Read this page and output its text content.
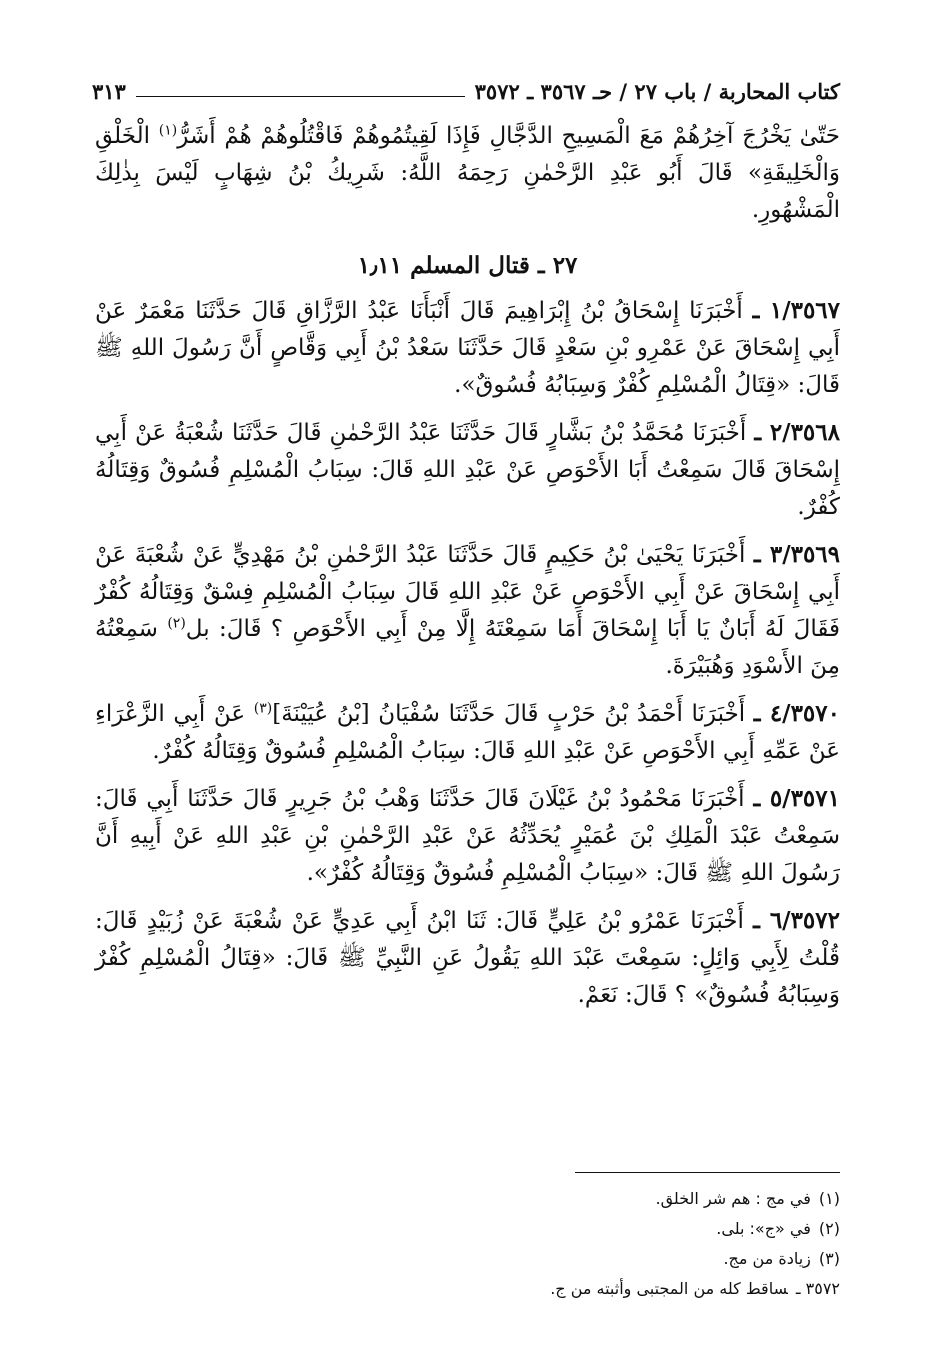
كتاب المحاربة / باب ٢٧ / حـ ٣٥٦٧ ـ ٣٥٧٢
٣١٣

حَتّىٰ يَخْرُجَ آخِرُهُمْ مَعَ الْمَسِيحِ الدَّجَّالِ فَإِذَا لَقِيتُمُوهُمْ فَاقْتُلُوهُمْ هُمْ أَشَرُّ$^{(١)}$ الْخَلْقِ وَالْخَلِيقَةِ» قَالَ أَبُو عَبْدِ الرَّحْمٰنِ رَحِمَهُ اللَّهُ: شَرِيكُ بْنُ شِهَابٍ لَيْسَ بِذٰلِكَ الْمَشْهُورِ.

٢٧ ـ قتال المسلم ١٫١١

١/٣٥٦٧ ـ أَخْبَرَنَا إِسْحَاقُ بْنُ إِبْرَاهِيمَ قَالَ أَنْبَأَنَا عَبْدُ الرَّزَّاقِ قَالَ حَدَّثَنَا مَعْمَرٌ عَنْ أَبِي إِسْحَاقَ عَنْ عَمْرِو بْنِ سَعْدٍ قَالَ حَدَّثَنَا سَعْدُ بْنُ أَبِي وَقَّاصٍ أَنَّ رَسُولَ اللهِ ﷺ قَالَ: «قِتَالُ الْمُسْلِمِ كُفْرٌ وَسِبَابُهُ فُسُوقٌ».

٢/٣٥٦٨ ـ أَخْبَرَنَا مُحَمَّدُ بْنُ بَشَّارٍ قَالَ حَدَّثَنَا عَبْدُ الرَّحْمٰنِ قَالَ حَدَّثَنَا شُعْبَةُ عَنْ أَبِي إِسْحَاقَ قَالَ سَمِعْتُ أَبَا الأَحْوَصِ عَنْ عَبْدِ اللهِ قَالَ: سِبَابُ الْمُسْلِمِ فُسُوقٌ وَقِتَالُهُ كُفْرٌ.

٣/٣٥٦٩ ـ أَخْبَرَنَا يَحْيَىٰ بْنُ حَكِيمٍ قَالَ حَدَّثَنَا عَبْدُ الرَّحْمٰنِ بْنُ مَهْدِيٍّ عَنْ شُعْبَةَ عَنْ أَبِي إِسْحَاقَ عَنْ أَبِي الأَحْوَصِ عَنْ عَبْدِ اللهِ قَالَ سِبَابُ الْمُسْلِمِ فِسْقٌ وَقِتَالُهُ كُفْرٌ فَقَالَ لَهُ أَبَانٌ يَا أَبَا إِسْحَاقَ أَمَا سَمِعْتَهُ إِلَّا مِنْ أَبِي الأَحْوَصِ ؟ قَالَ: بل$^{(٢)}$ سَمِعْتُهُ مِنَ الأَسْوَدِ وَهُبَيْرَةَ.

٤/٣٥٧٠ ـ أَخْبَرَنَا أَحْمَدُ بْنُ حَرْبٍ قَالَ حَدَّثَنَا سُفْيَانُ [بْنُ عُيَيْنَةَ]$^{(٣)}$ عَنْ أَبِي الزَّعْرَاءِ عَنْ عَمِّهِ أَبِي الأَحْوَصِ عَنْ عَبْدِ اللهِ قَالَ: سِبَابُ الْمُسْلِمِ فُسُوقٌ وَقِتَالُهُ كُفْرٌ.

٥/٣٥٧١ ـ أَخْبَرَنَا مَحْمُودُ بْنُ غَيْلَانَ قَالَ حَدَّثَنَا وَهْبُ بْنُ جَرِيرٍ قَالَ حَدَّثَنَا أَبِي قَالَ: سَمِعْتُ عَبْدَ الْمَلِكِ بْنَ عُمَيْرٍ يُحَدِّثُهُ عَنْ عَبْدِ الرَّحْمٰنِ بْنِ عَبْدِ اللهِ عَنْ أَبِيهِ أَنَّ رَسُولَ اللهِ ﷺ قَالَ: «سِبَابُ الْمُسْلِمِ فُسُوقٌ وَقِتَالُهُ كُفْرٌ».

٦/٣٥٧٢ ـ أَخْبَرَنَا عَمْرُو بْنُ عَلِيٍّ قَالَ: ثَنَا ابْنُ أَبِي عَدِيٍّ عَنْ شُعْبَةَ عَنْ زُبَيْدٍ قَالَ: قُلْتُ لِأَبِي وَائِلٍ: سَمِعْتَ عَبْدَ اللهِ يَقُولُ عَنِ النَّبِيِّ ﷺ قَالَ: «قِتَالُ الْمُسْلِمِ كُفْرٌ وَسِبَابُهُ فُسُوقٌ» ؟ قَالَ: نَعَمْ.

(١)في مج : هم شر الخلق.

(٢)في «ج»: بلى.

(٣)زيادة من مج.

٣٥٧٢ ـساقط كله من المجتبى وأثبته من ج.
